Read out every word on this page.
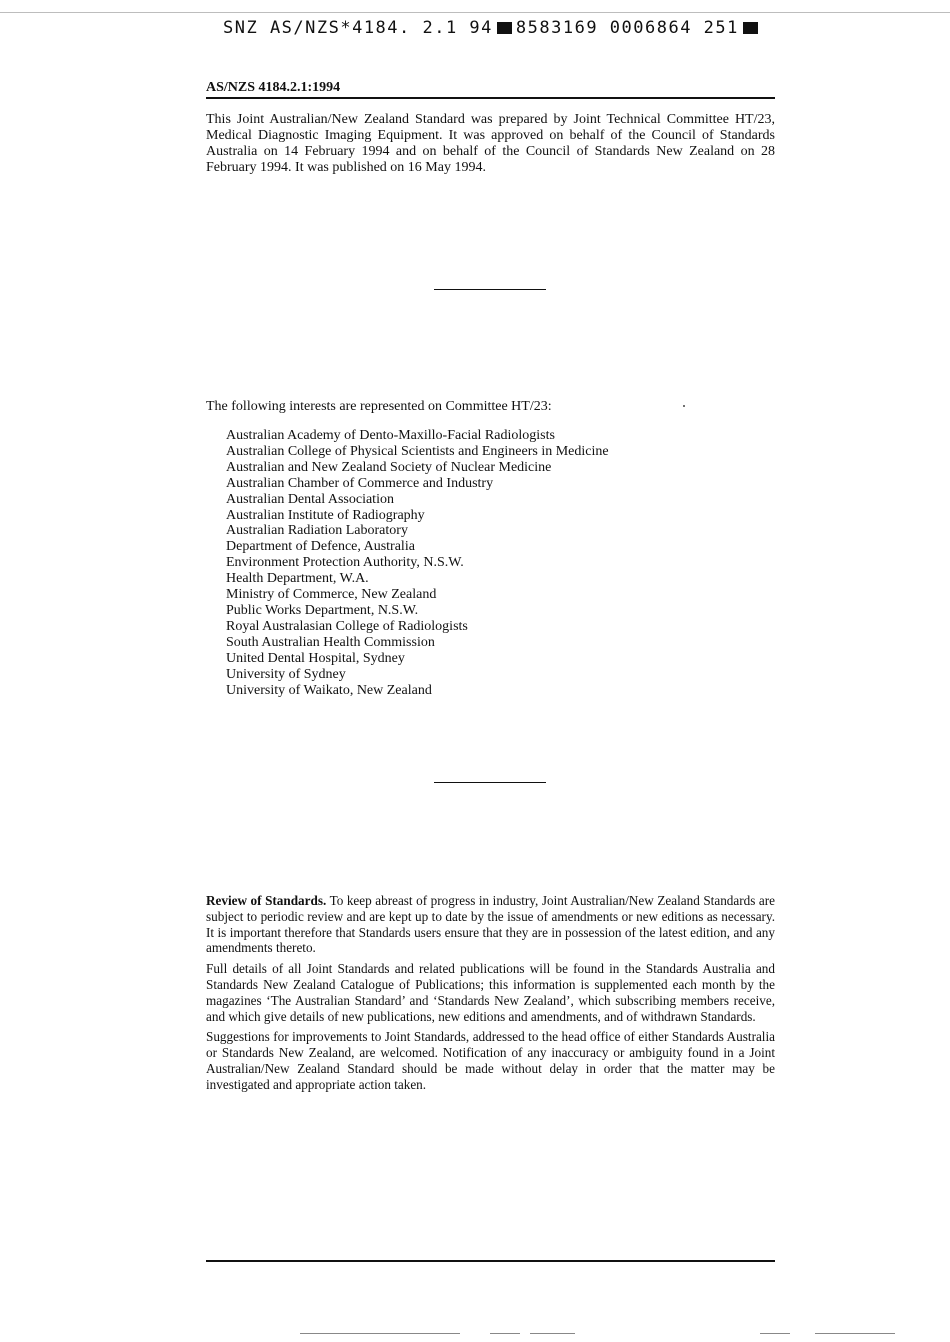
SNZ AS/NZS*4184. 2.1 94 8583169 0006864 251
AS/NZS 4184.2.1:1994
This Joint Australian/New Zealand Standard was prepared by Joint Technical Committee HT/23, Medical Diagnostic Imaging Equipment. It was approved on behalf of the Council of Standards Australia on 14 February 1994 and on behalf of the Council of Standards New Zealand on 28 February 1994. It was published on 16 May 1994.
The following interests are represented on Committee HT/23:
Australian Academy of Dento-Maxillo-Facial Radiologists
Australian College of Physical Scientists and Engineers in Medicine
Australian and New Zealand Society of Nuclear Medicine
Australian Chamber of Commerce and Industry
Australian Dental Association
Australian Institute of Radiography
Australian Radiation Laboratory
Department of Defence, Australia
Environment Protection Authority, N.S.W.
Health Department, W.A.
Ministry of Commerce, New Zealand
Public Works Department, N.S.W.
Royal Australasian College of Radiologists
South Australian Health Commission
United Dental Hospital, Sydney
University of Sydney
University of Waikato, New Zealand

Review of Standards. To keep abreast of progress in industry, Joint Australian/New Zealand Standards are subject to periodic review and are kept up to date by the issue of amendments or new editions as necessary. It is important therefore that Standards users ensure that they are in possession of the latest edition, and any amendments thereto.

Full details of all Joint Standards and related publications will be found in the Standards Australia and Standards New Zealand Catalogue of Publications; this information is supplemented each month by the magazines ‘The Australian Standard’ and ‘Standards New Zealand’, which subscribing members receive, and which give details of new publications, new editions and amendments, and of withdrawn Standards.

Suggestions for improvements to Joint Standards, addressed to the head office of either Standards Australia or Standards New Zealand, are welcomed. Notification of any inaccuracy or ambiguity found in a Joint Australian/New Zealand Standard should be made without delay in order that the matter may be investigated and appropriate action taken.
